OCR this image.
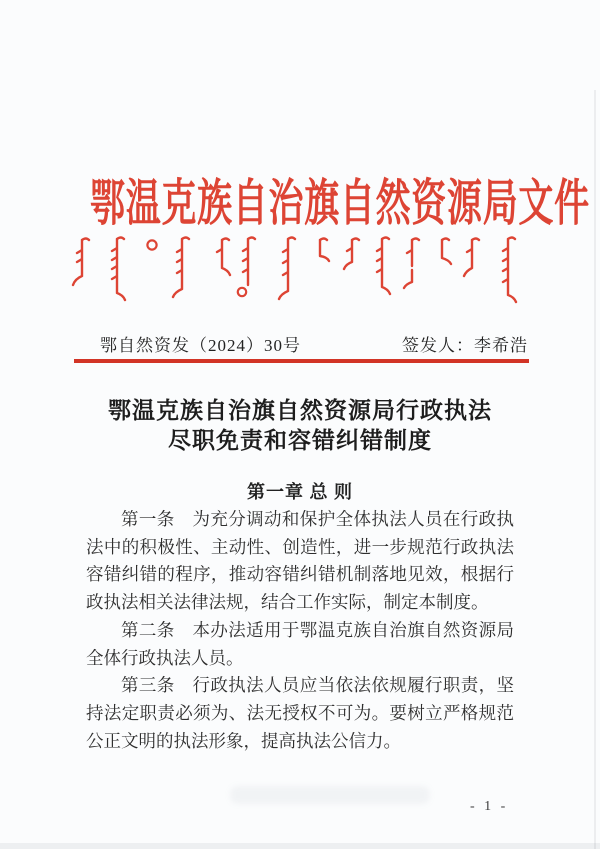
鄂温克族自治旗自然资源局文件
鄂自然资发（2024）30号	签发人：李希浩
鄂温克族自治旗自然资源局行政执法
尽职免责和容错纠错制度
第一章 总 则

第一条　为充分调动和保护全体执法人员在行政执法中的积极性、主动性、创造性，进一步规范行政执法容错纠错的程序，推动容错纠错机制落地见效，根据行政执法相关法律法规，结合工作实际，制定本制度。

第二条　本办法适用于鄂温克族自治旗自然资源局全体行政执法人员。

第三条　行政执法人员应当依法依规履行职责，坚持法定职责必须为、法无授权不可为。要树立严格规范公正文明的执法形象，提高执法公信力。

- 1 -
